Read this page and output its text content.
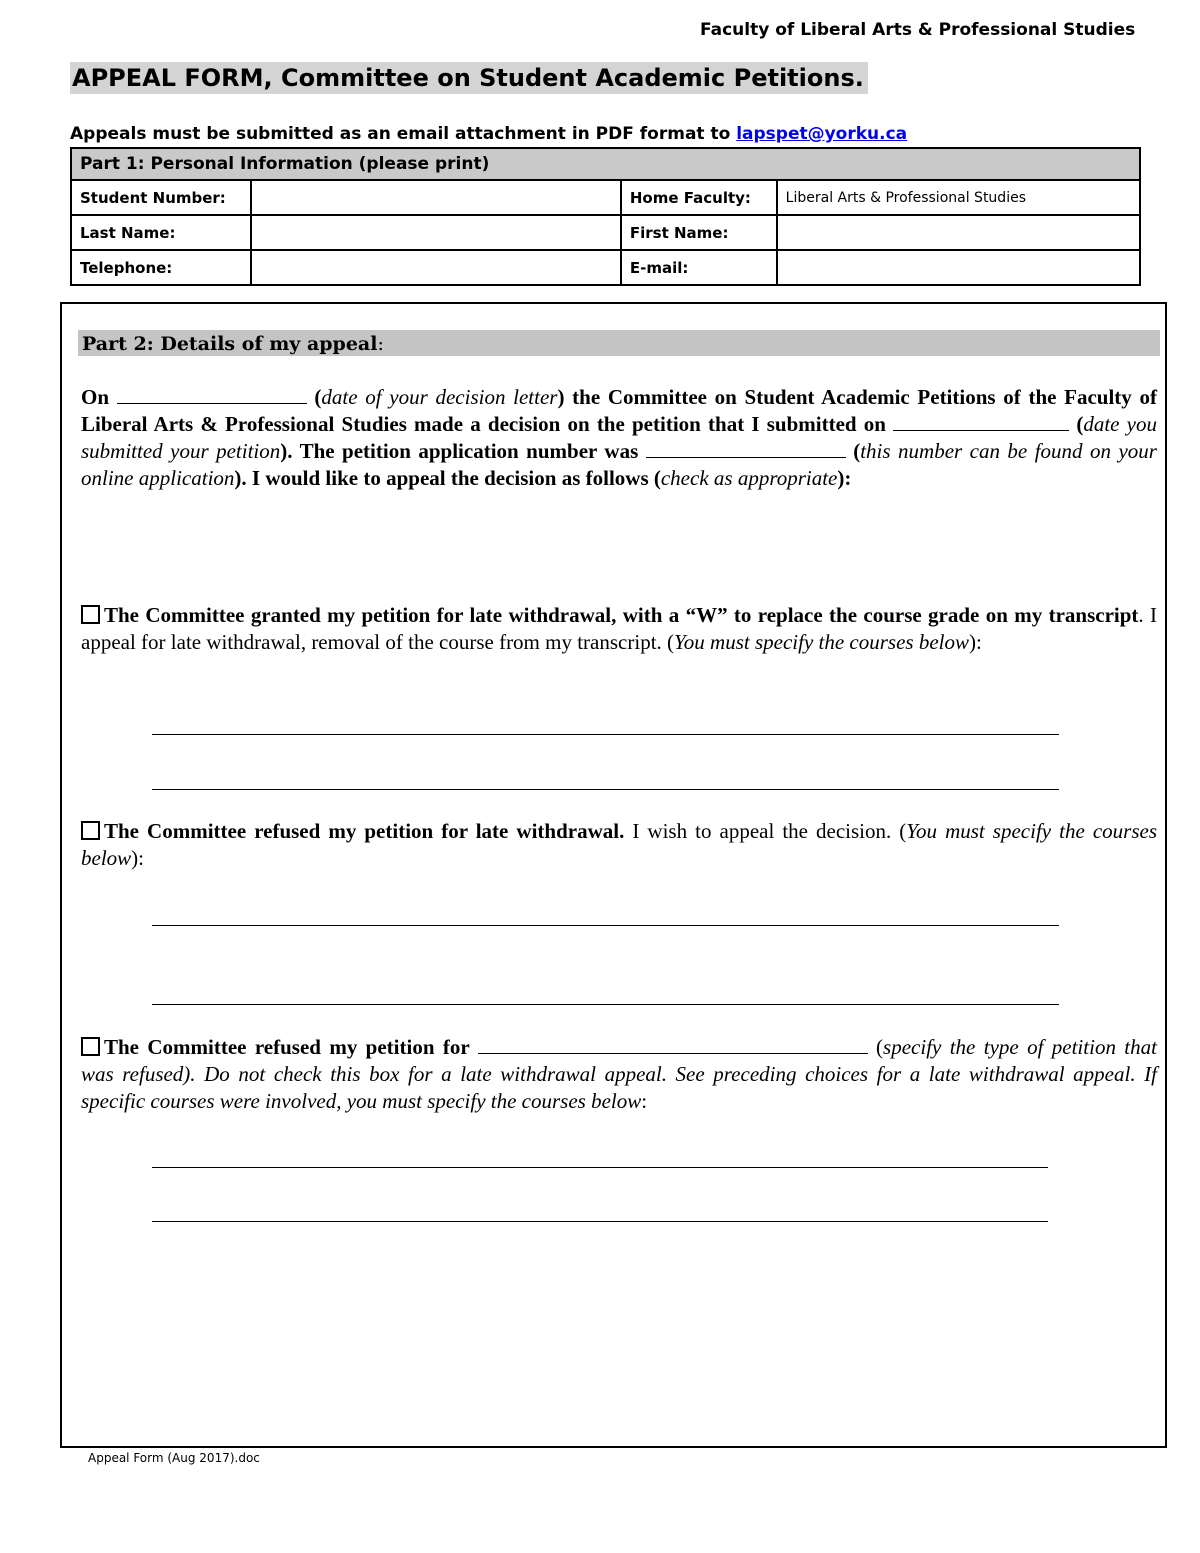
Faculty of Liberal Arts & Professional Studies
APPEAL FORM, Committee on Student Academic Petitions.
Appeals must be submitted as an email attachment in PDF format to lapspet@yorku.ca
Part 1: Personal Information (please print)			
Student Number:		Home Faculty:	Liberal Arts & Professional Studies
Last Name:		First Name:	
Telephone:		E-mail:	
Part 2: Details of my appeal:
On	(date of your decision letter) the Committee on Student Academic Petitions of the Faculty of Liberal Arts & Professional Studies made a decision on the petition that I submitted on	(date you submitted your petition). The petition application number was	(this number can be found on your online application). I would like to appeal the decision as follows (check as appropriate):
The Committee granted my petition for late withdrawal, with a “W” to replace the course grade on my transcript. I appeal for late withdrawal, removal of the course from my transcript. (You must specify the courses below):
The Committee refused my petition for late withdrawal. I wish to appeal the decision. (You must specify the courses below):
The Committee refused my petition for	(specify the type of petition that was refused). Do not check this box for a late withdrawal appeal. See preceding choices for a late withdrawal appeal. If specific courses were involved, you must specify the courses below:
Appeal Form (Aug 2017).doc
